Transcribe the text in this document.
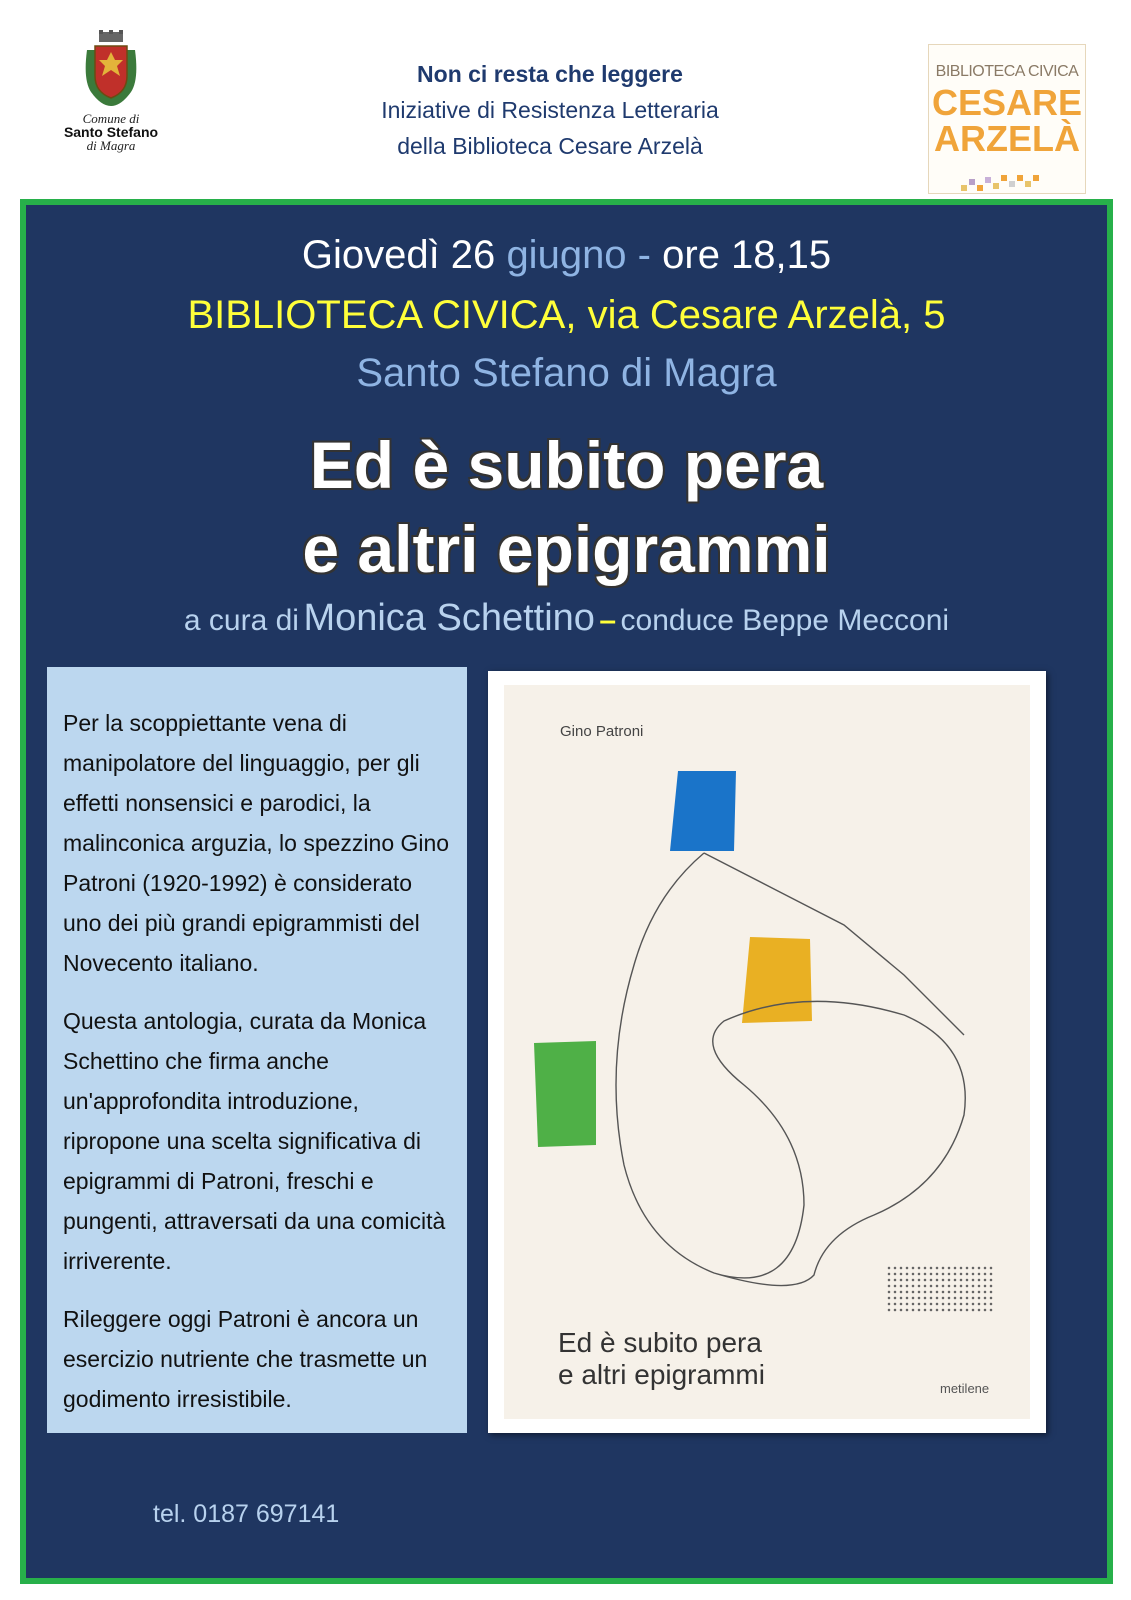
Comune di
Santo Stefano
di Magra
Non ci resta che leggere
Iniziative di Resistenza Letteraria
della Biblioteca Cesare Arzelà
BIBLIOTECA CIVICA
CESARE
ARZELÀ
Giovedì 26 giugno - ore 18,15
BIBLIOTECA CIVICA, via Cesare Arzelà, 5
Santo Stefano di Magra
Ed è subito pera
e altri epigrammi
a cura di Monica Schettino – conduce Beppe Mecconi

Per la scoppiettante vena di manipolatore del linguaggio, per gli effetti nonsensici e parodici, la malinconica arguzia, lo spezzino Gino Patroni (1920-1992) è considerato uno dei più grandi epigrammisti del Novecento italiano.

Questa antologia, curata da Monica Schettino che firma anche un'approfondita introduzione, ripropone una scelta significativa di epigrammi di Patroni, freschi e pungenti, attraversati da una comicità irriverente.

Rileggere oggi Patroni è ancora un esercizio nutriente che trasmette un godimento irresistibile.

Gino Patroni
Ed è subito pera
e altri epigrammi	metilene
tel. 0187 697141
